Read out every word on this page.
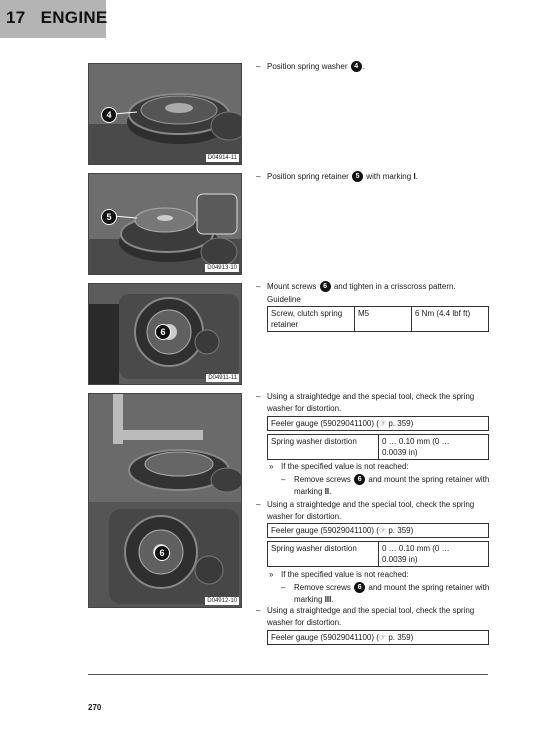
17 ENGINE
4
D04914-11
5
D04913-10
6
D04911-11
6
D04912-10
– Position spring washer 4 .
– Position spring retainer 5 with marking I.
– Mount screws 6 and tighten in a crisscross pattern.
Guideline
Screw, clutch spring
retainer	M5	6 Nm (4.4 lbf ft)
– Using a straightedge and the special tool, check the spring
washer for distortion.
Feeler gauge (59029041100) (☞ p. 359)
Spring washer distortion	0 … 0.10 mm (0 …
0.0039 in)
» If the specified value is not reached:
– Remove screws 6 and mount the spring retainer with
marking II.
– Using a straightedge and the special tool, check the spring
washer for distortion.
Feeler gauge (59029041100) (☞ p. 359)
Spring washer distortion	0 … 0.10 mm (0 …
0.0039 in)
» If the specified value is not reached:
– Remove screws 6 and mount the spring retainer with
marking III.
– Using a straightedge and the special tool, check the spring
washer for distortion.
Feeler gauge (59029041100) (☞ p. 359)
270
